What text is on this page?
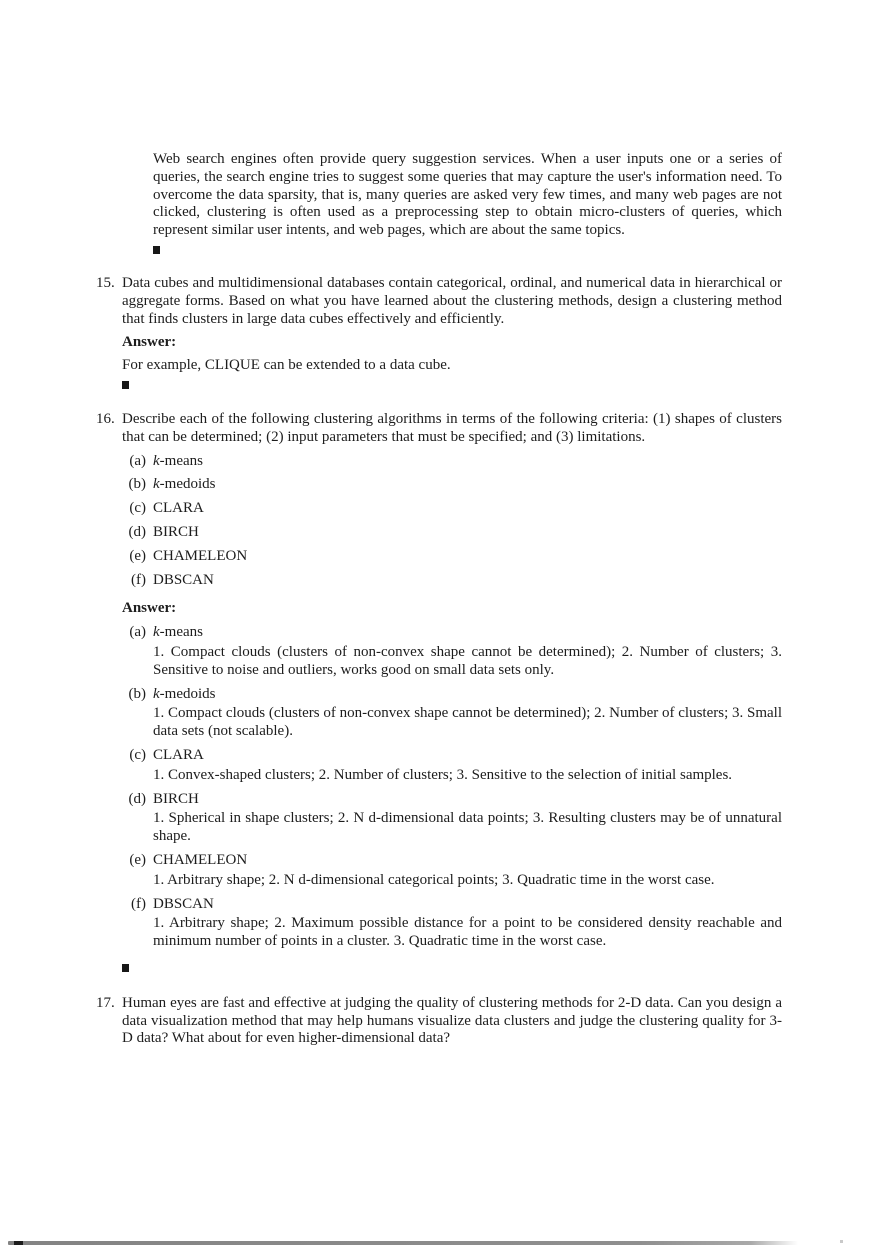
Web search engines often provide query suggestion services. When a user inputs one or a series of queries, the search engine tries to suggest some queries that may capture the user's information need. To overcome the data sparsity, that is, many queries are asked very few times, and many web pages are not clicked, clustering is often used as a preprocessing step to obtain micro-clusters of queries, which represent similar user intents, and web pages, which are about the same topics.

15. Data cubes and multidimensional databases contain categorical, ordinal, and numerical data in hierarchical or aggregate forms. Based on what you have learned about the clustering methods, design a clustering method that finds clusters in large data cubes effectively and efficiently.

Answer:

For example, CLIQUE can be extended to a data cube.

16. Describe each of the following clustering algorithms in terms of the following criteria: (1) shapes of clusters that can be determined; (2) input parameters that must be specified; and (3) limitations.

(a) k-means
(b) k-medoids
(c) CLARA
(d) BIRCH
(e) CHAMELEON
(f) DBSCAN

Answer:

(a) k-means

1. Compact clouds (clusters of non-convex shape cannot be determined); 2. Number of clusters; 3. Sensitive to noise and outliers, works good on small data sets only.

(b) k-medoids

1. Compact clouds (clusters of non-convex shape cannot be determined); 2. Number of clusters; 3. Small data sets (not scalable).

(c) CLARA

1. Convex-shaped clusters; 2. Number of clusters; 3. Sensitive to the selection of initial samples.

(d) BIRCH

1. Spherical in shape clusters; 2. N d-dimensional data points; 3. Resulting clusters may be of unnatural shape.

(e) CHAMELEON

1. Arbitrary shape; 2. N d-dimensional categorical points; 3. Quadratic time in the worst case.

(f) DBSCAN

1. Arbitrary shape; 2. Maximum possible distance for a point to be considered density reachable and minimum number of points in a cluster. 3. Quadratic time in the worst case.

17. Human eyes are fast and effective at judging the quality of clustering methods for 2-D data. Can you design a data visualization method that may help humans visualize data clusters and judge the clustering quality for 3-D data? What about for even higher-dimensional data?
